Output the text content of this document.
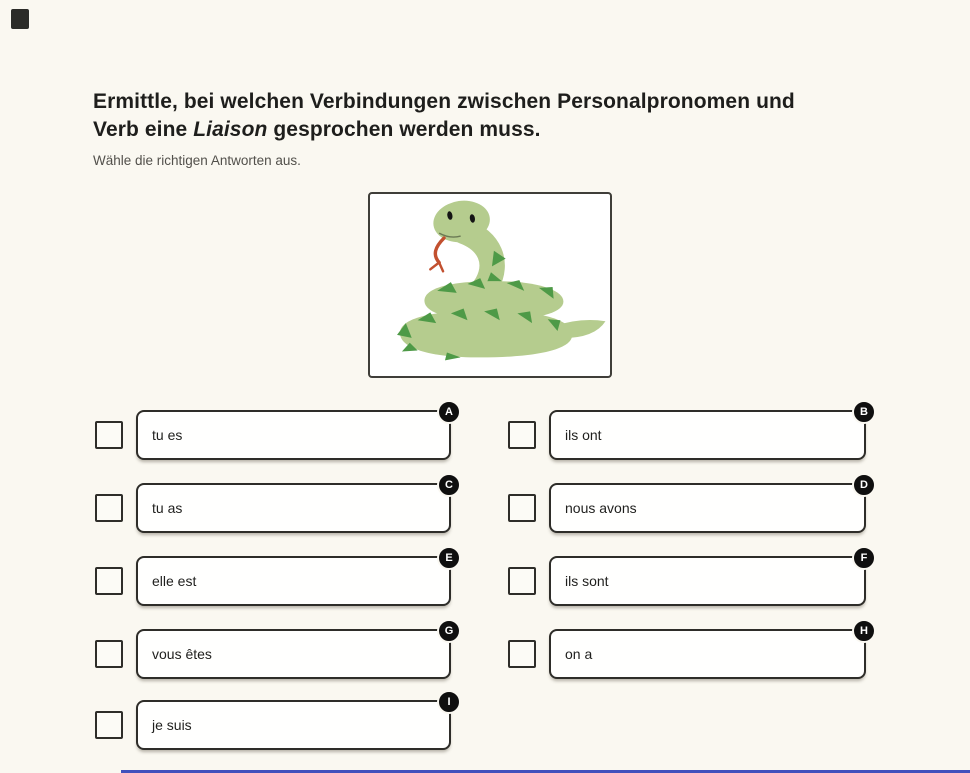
Ermittle, bei welchen Verbindungen zwischen Personalpronomen und
Verb eine Liaison gesprochen werden muss.
Wähle die richtigen Antworten aus.
A
tu es
B
ils ont
C
tu as
D
nous avons
E
elle est
F
ils sont
G
vous êtes
H
on a
I
je suis
